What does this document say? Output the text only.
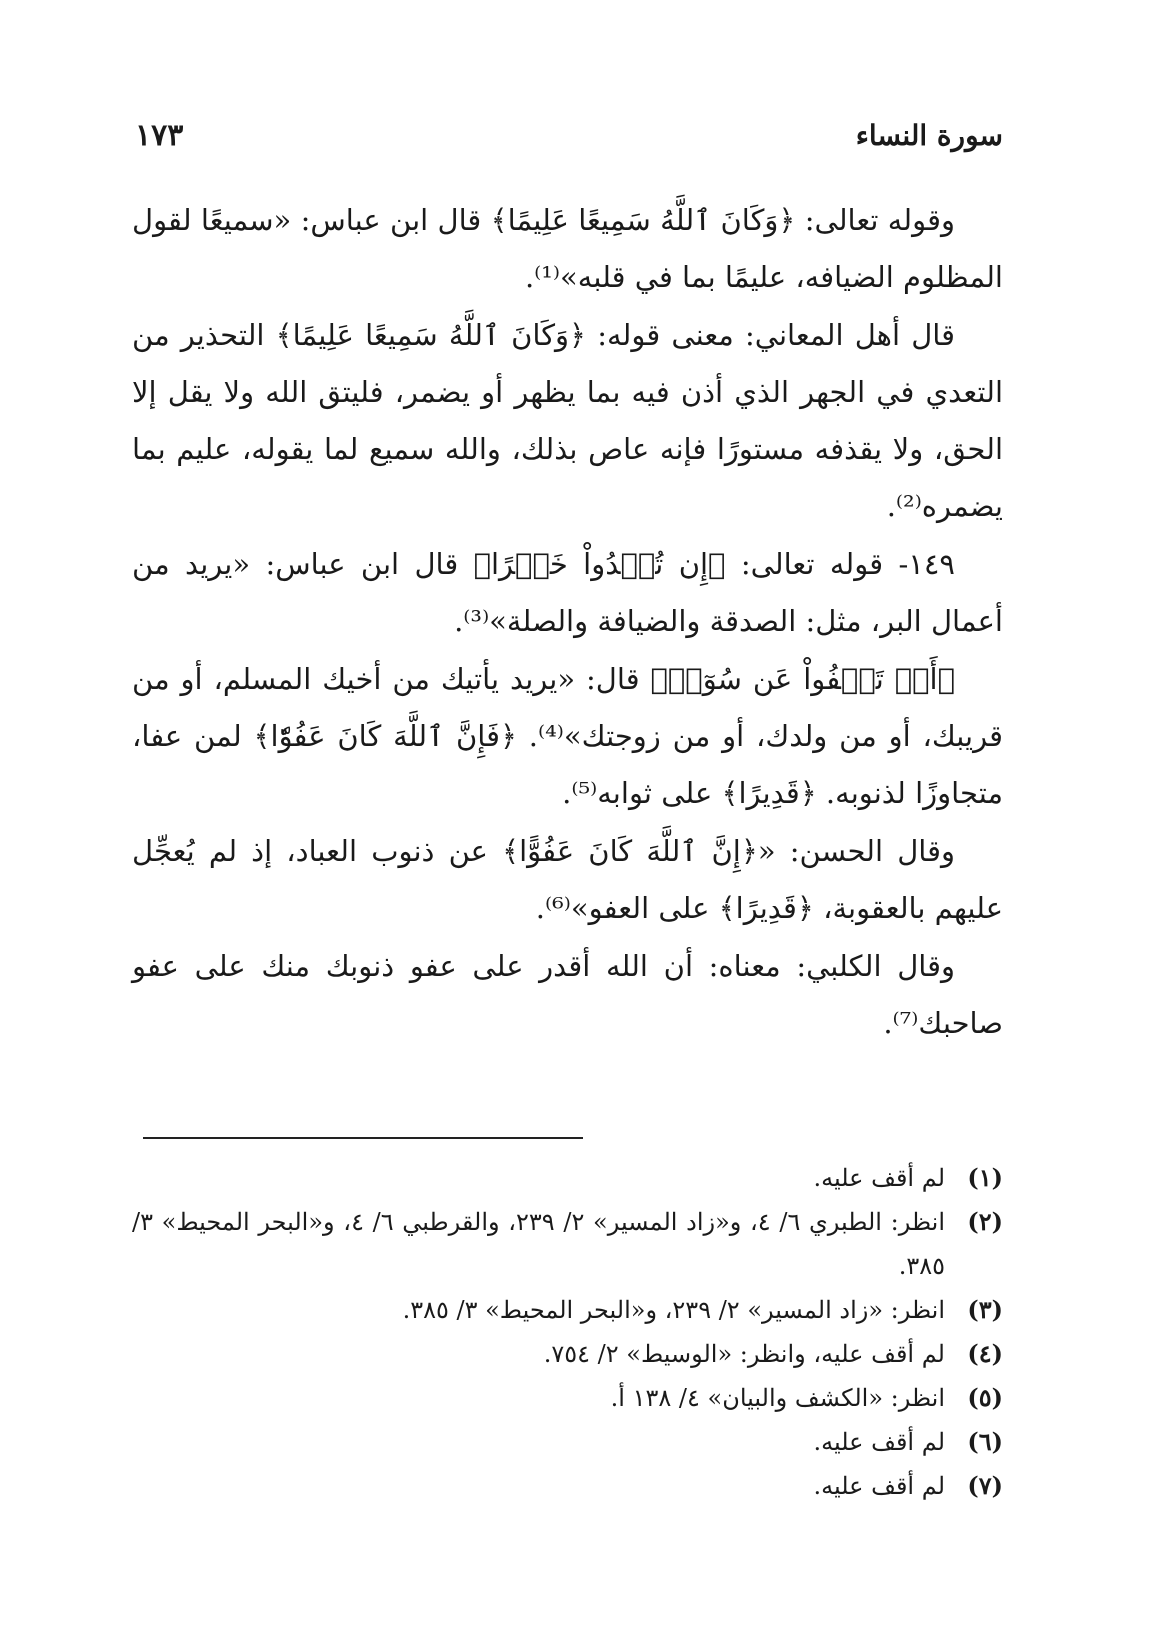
سورة النساء
١٧٣

وقوله تعالى: ﴿وَكَانَ ٱللَّهُ سَمِيعًا عَلِيمًا﴾ قال ابن عباس: «سميعًا لقول المظلوم الضيافه، عليمًا بما في قلبه»⁽¹⁾.

قال أهل المعاني: معنى قوله: ﴿وَكَانَ ٱللَّهُ سَمِيعًا عَلِيمًا﴾ التحذير من التعدي في الجهر الذي أذن فيه بما يظهر أو يضمر، فليتق الله ولا يقل إلا الحق، ولا يقذفه مستورًا فإنه عاص بذلك، والله سميع لما يقوله، عليم بما يضمره⁽²⁾.

١٤٩- قوله تعالى: ﴿إِن تُبۡدُواْ خَيۡرًا﴾ قال ابن عباس: «يريد من أعمال البر، مثل: الصدقة والضيافة والصلة»⁽³⁾.

﴿أَوۡ تَعۡفُواْ عَن سُوٓءٖ﴾ قال: «يريد يأتيك من أخيك المسلم، أو من قريبك، أو من ولدك، أو من زوجتك»⁽⁴⁾. ﴿فَإِنَّ ٱللَّهَ كَانَ عَفُوّٗا﴾ لمن عفا، متجاوزًا لذنوبه. ﴿قَدِيرًا﴾ على ثوابه⁽⁵⁾.

وقال الحسن: «﴿إِنَّ ٱللَّهَ كَانَ عَفُوًّا﴾ عن ذنوب العباد، إذ لم يُعجِّل عليهم بالعقوبة، ﴿قَدِيرًا﴾ على العفو»⁽⁶⁾.

وقال الكلبي: معناه: أن الله أقدر على عفو ذنوبك منك على عفو صاحبك⁽⁷⁾.

(١)
لم أقف عليه.
(٢)
انظر: الطبري ٦/ ٤، و«زاد المسير» ٢/ ٢٣٩، والقرطبي ٦/ ٤، و«البحر المحيط» ٣/ ٣٨٥.
(٣)
انظر: «زاد المسير» ٢/ ٢٣٩، و«البحر المحيط» ٣/ ٣٨٥.
(٤)
لم أقف عليه، وانظر: «الوسيط» ٢/ ٧٥٤.
(٥)
انظر: «الكشف والبيان» ٤/ ١٣٨ أ.
(٦)
لم أقف عليه.
(٧)
لم أقف عليه.
